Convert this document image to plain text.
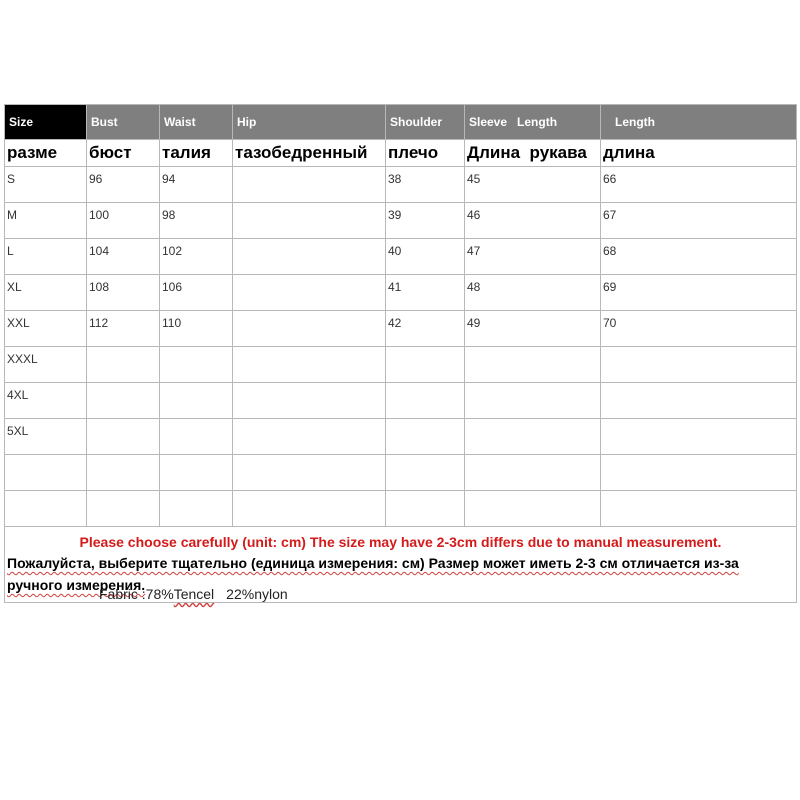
Size	Bust	Waist	Hip	Shoulder	Sleeve   Length	Length
разме	бюст	талия	тазобедренный	плечо	Длина  рукава	длина
S	96	94		38	45	66
M	100	98		39	46	67
L	104	102		40	47	68
XL	108	106		41	48	69
XXL	112	110		42	49	70
XXXL						
4XL						
5XL						

Please choose carefully (unit: cm) The size may have 2-3cm differs due to manual measurement.
Пожалуйста, выберите тщательно (единица измерения: см) Размер может иметь 2-3 см отличается из-за ручного измерения.						
Fabric :78%Tencel 22%nylon
